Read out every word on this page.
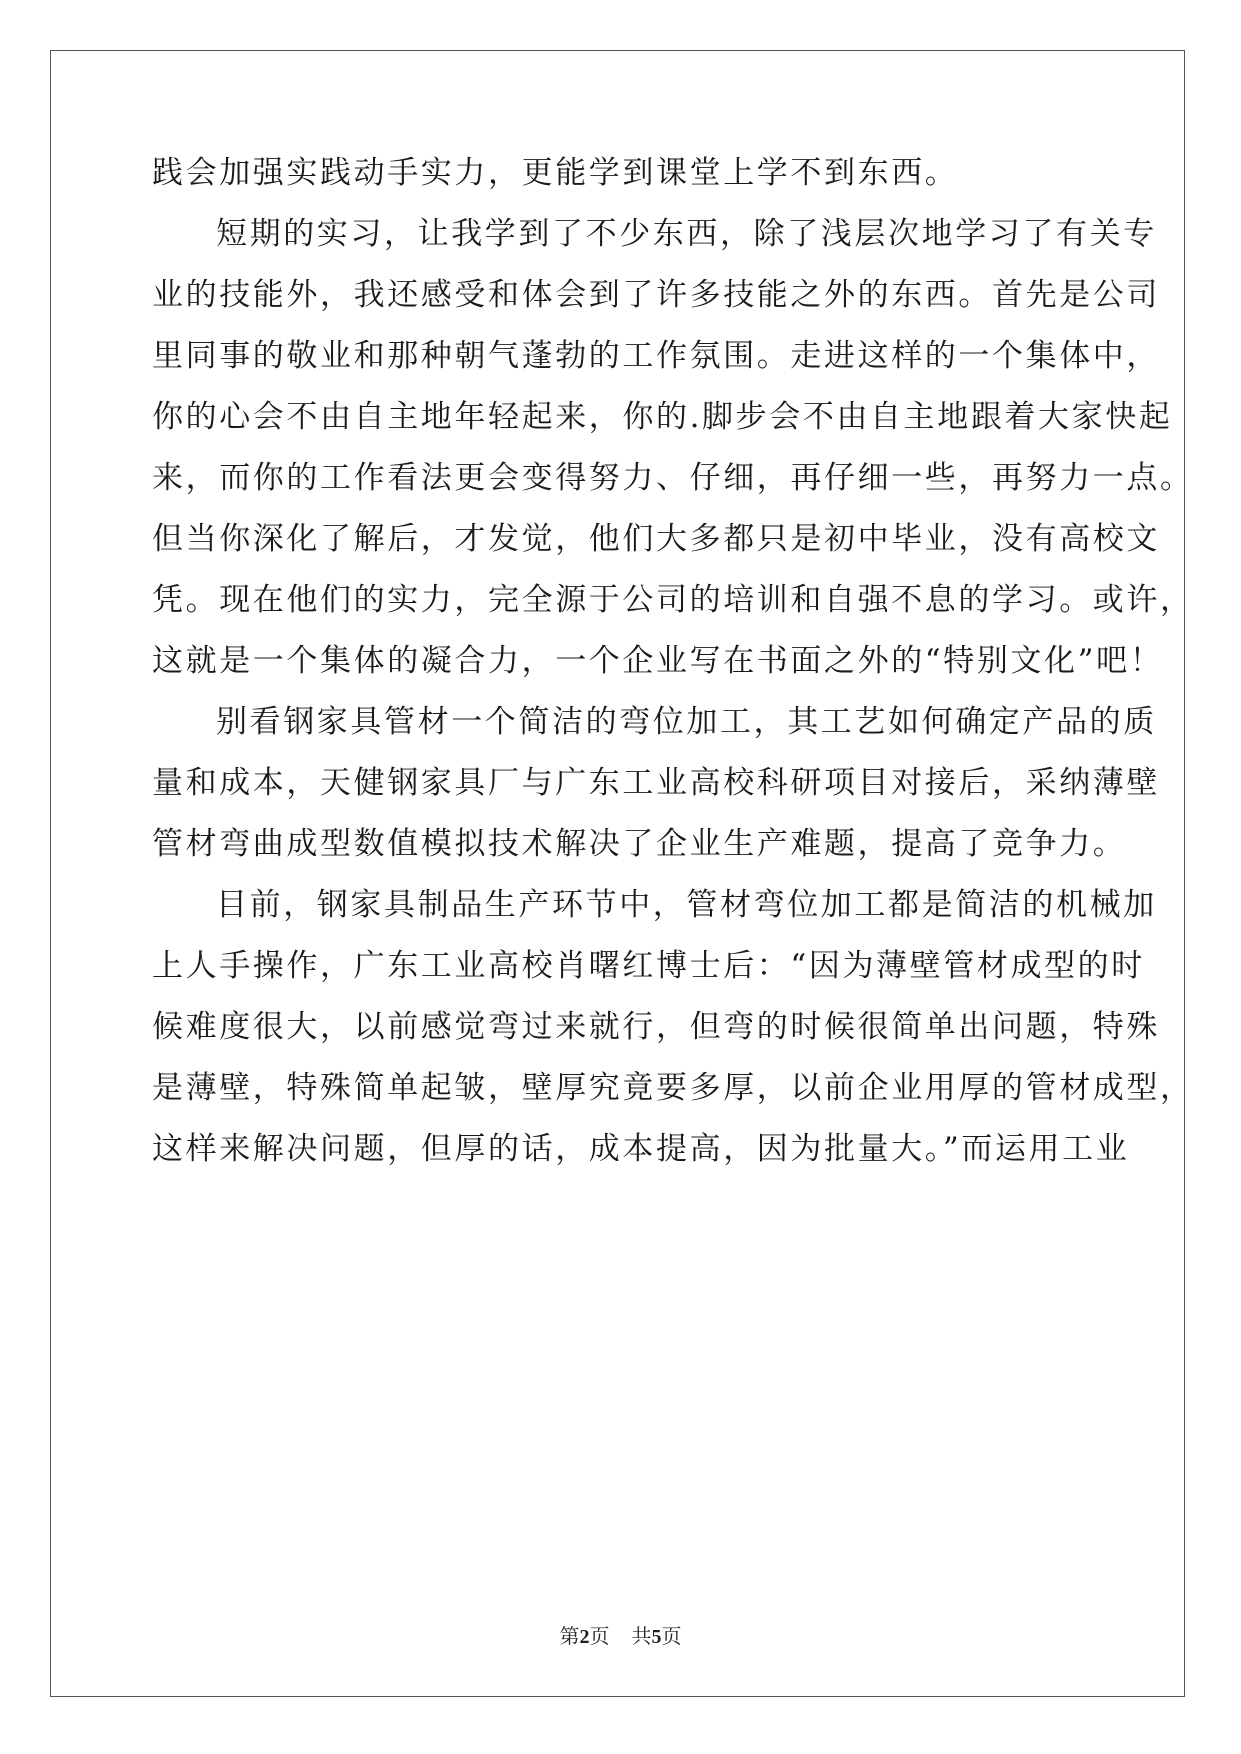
践会加强实践动手实力，更能学到课堂上学不到东西。
短期的实习，让我学到了不少东西，除了浅层次地学习了有关专
业的技能外，我还感受和体会到了许多技能之外的东西。首先是公司
里同事的敬业和那种朝气蓬勃的工作氛围。走进这样的一个集体中，
你的心会不由自主地年轻起来，你的.脚步会不由自主地跟着大家快起
来，而你的工作看法更会变得努力、仔细，再仔细一些，再努力一点。
但当你深化了解后，才发觉，他们大多都只是初中毕业，没有高校文
凭。现在他们的实力，完全源于公司的培训和自强不息的学习。或许，
这就是一个集体的凝合力，一个企业写在书面之外的“特别文化”吧！
别看钢家具管材一个简洁的弯位加工，其工艺如何确定产品的质
量和成本，天健钢家具厂与广东工业高校科研项目对接后，采纳薄壁
管材弯曲成型数值模拟技术解决了企业生产难题，提高了竞争力。
目前，钢家具制品生产环节中，管材弯位加工都是简洁的机械加
上人手操作，广东工业高校肖曙红博士后：“因为薄壁管材成型的时
候难度很大，以前感觉弯过来就行，但弯的时候很简单出问题，特殊
是薄壁，特殊简单起皱，壁厚究竟要多厚，以前企业用厚的管材成型，
这样来解决问题，但厚的话，成本提高，因为批量大。”而运用工业
第2页 共5页
